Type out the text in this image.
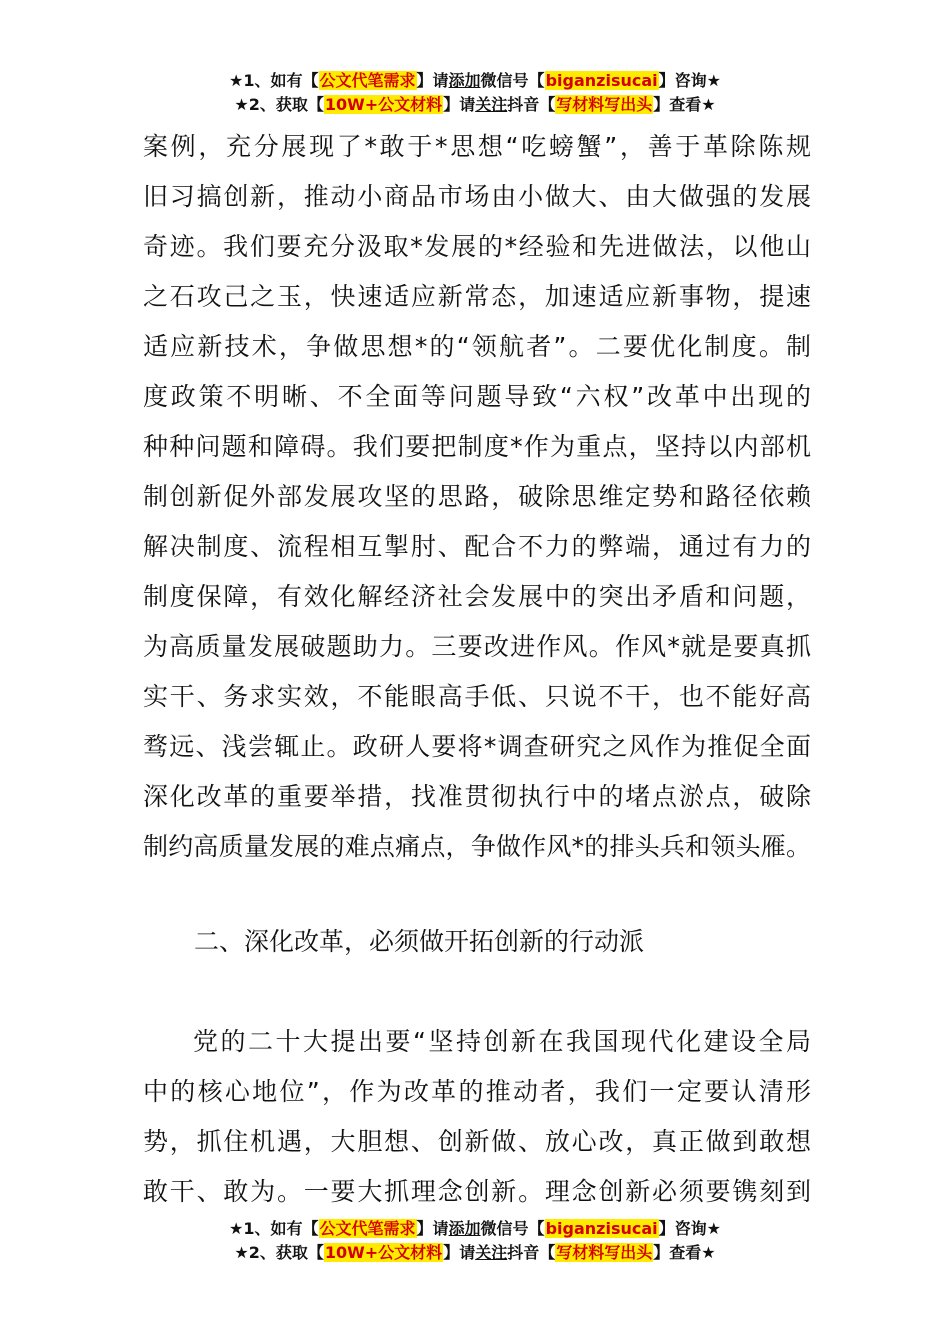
★1、如有【公文代笔需求】请添加微信号【biganzisucai】咨询★
★2、获取【10W+公文材料】请关注抖音【写材料写出头】查看★
案例，充分展现了*敢于*思想“吃螃蟹”，善于革除陈规
旧习搞创新，推动小商品市场由小做大、由大做强的发展
奇迹。我们要充分汲取*发展的*经验和先进做法，以他山
之石攻己之玉，快速适应新常态，加速适应新事物，提速
适应新技术，争做思想*的“领航者”。二要优化制度。制
度政策不明晰、不全面等问题导致“六权”改革中出现的
种种问题和障碍。我们要把制度*作为重点，坚持以内部机
制创新促外部发展攻坚的思路，破除思维定势和路径依赖
解决制度、流程相互掣肘、配合不力的弊端，通过有力的
制度保障，有效化解经济社会发展中的突出矛盾和问题，
为高质量发展破题助力。三要改进作风。作风*就是要真抓
实干、务求实效，不能眼高手低、只说不干，也不能好高
骛远、浅尝辄止。政研人要将*调查研究之风作为推促全面
深化改革的重要举措，找准贯彻执行中的堵点淤点，破除
制约高质量发展的难点痛点，争做作风*的排头兵和领头雁。
二、深化改革，必须做开拓创新的行动派
党的二十大提出要“坚持创新在我国现代化建设全局
中的核心地位”，作为改革的推动者，我们一定要认清形
势，抓住机遇，大胆想、创新做、放心改，真正做到敢想
敢干、敢为。一要大抓理念创新。理念创新必须要镌刻到
★1、如有【公文代笔需求】请添加微信号【biganzisucai】咨询★
★2、获取【10W+公文材料】请关注抖音【写材料写出头】查看★
